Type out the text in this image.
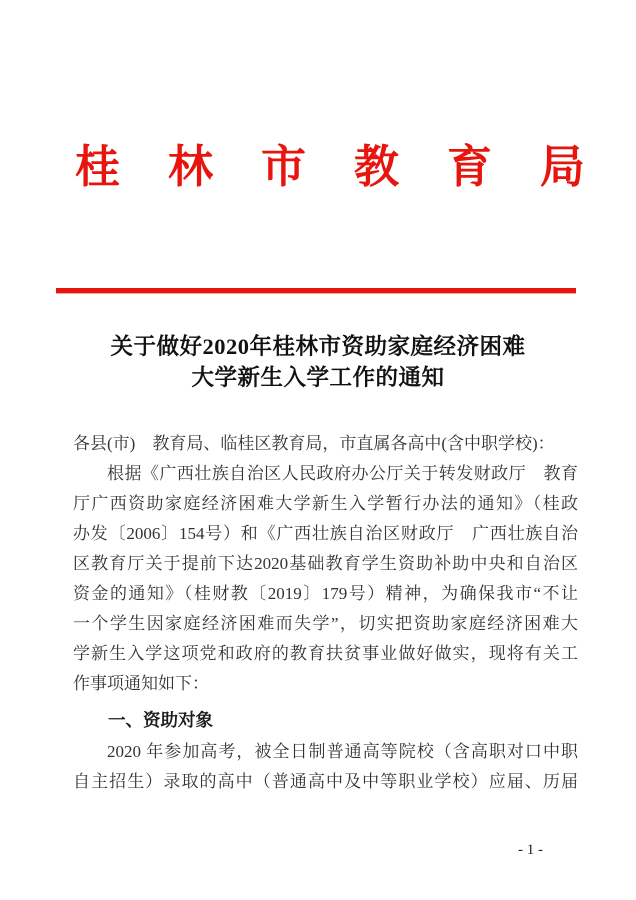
桂 林 市 教 育 局
关于做好2020年桂林市资助家庭经济困难
大学新生入学工作的通知
各县(市)　教育局、临桂区教育局，市直属各高中(含中职学校)：
根据《广西壮族自治区人民政府办公厅关于转发财政厅　教育
厅广西资助家庭经济困难大学新生入学暂行办法的通知》（桂政
办发〔2006〕154号）和《广西壮族自治区财政厅　广西壮族自治
区教育厅关于提前下达2020基础教育学生资助补助中央和自治区
资金的通知》（桂财教〔2019〕179号）精神，为确保我市“不让
一个学生因家庭经济困难而失学”，切实把资助家庭经济困难大
学新生入学这项党和政府的教育扶贫事业做好做实，现将有关工
作事项通知如下：
一、资助对象
2020 年参加高考，被全日制普通高等院校（含高职对口中职
自主招生）录取的高中（普通高中及中等职业学校）应届、历届
- 1 -
